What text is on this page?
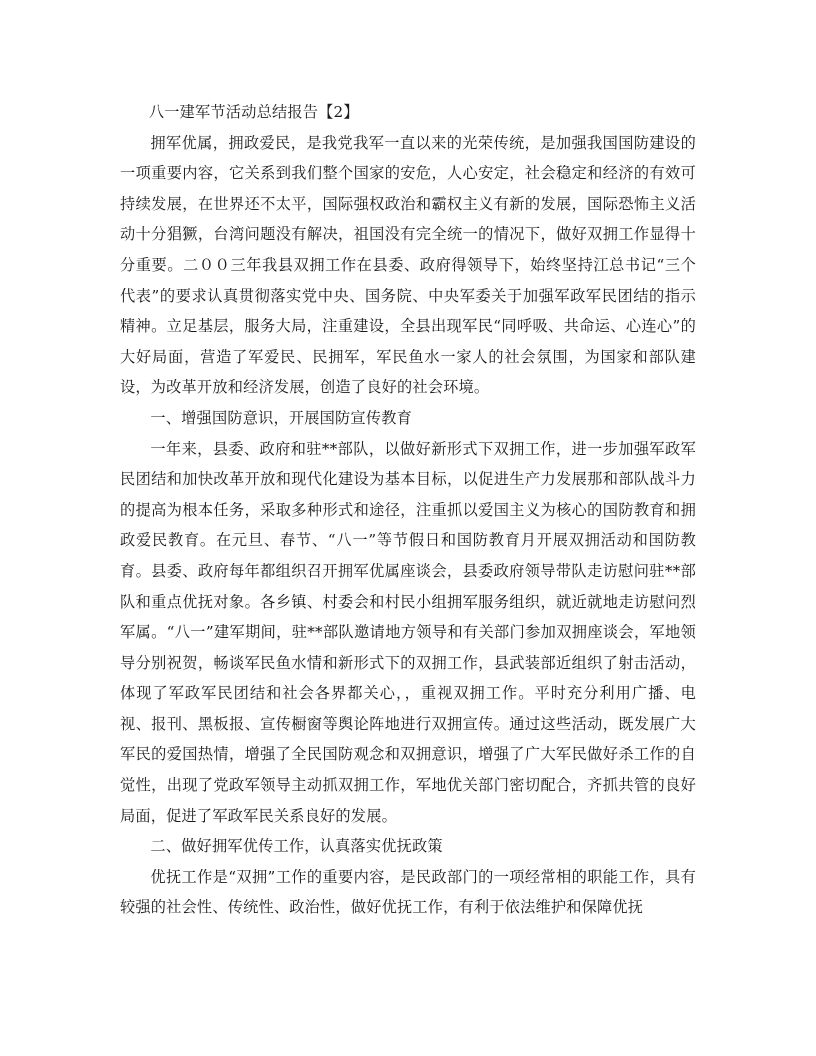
八一建军节活动总结报告【2】

拥军优属，拥政爱民，是我党我军一直以来的光荣传统，是加强我国国防建设的一项重要内容，它关系到我们整个国家的安危，人心安定，社会稳定和经济的有效可持续发展，在世界还不太平，国际强权政治和霸权主义有新的发展，国际恐怖主义活动十分猖獗，台湾问题没有解决，祖国没有完全统一的情况下，做好双拥工作显得十分重要。二００三年我县双拥工作在县委、政府得领导下，始终坚持江总书记“三个代表”的要求认真贯彻落实党中央、国务院、中央军委关于加强军政军民团结的指示精神。立足基层，服务大局，注重建设，全县出现军民“同呼吸、共命运、心连心”的大好局面，营造了军爱民、民拥军，军民鱼水一家人的社会氛围，为国家和部队建设，为改革开放和经济发展，创造了良好的社会环境。

一、增强国防意识，开展国防宣传教育

一年来，县委、政府和驻**部队，以做好新形式下双拥工作，进一步加强军政军民团结和加快改革开放和现代化建设为基本目标，以促进生产力发展那和部队战斗力的提高为根本任务，采取多种形式和途径，注重抓以爱国主义为核心的国防教育和拥政爱民教育。在元旦、春节、“八一”等节假日和国防教育月开展双拥活动和国防教育。县委、政府每年都组织召开拥军优属座谈会，县委政府领导带队走访慰问驻**部队和重点优抚对象。各乡镇、村委会和村民小组拥军服务组织，就近就地走访慰问烈军属。“八一”建军期间，驻**部队邀请地方领导和有关部门参加双拥座谈会，军地领导分别祝贺，畅谈军民鱼水情和新形式下的双拥工作，县武装部近组织了射击活动，体现了军政军民团结和社会各界都关心，，重视双拥工作。平时充分利用广播、电视、报刊、黑板报、宣传橱窗等舆论阵地进行双拥宣传。通过这些活动，既发展广大军民的爱国热情，增强了全民国防观念和双拥意识，增强了广大军民做好杀工作的自觉性，出现了党政军领导主动抓双拥工作，军地优关部门密切配合，齐抓共管的良好局面，促进了军政军民关系良好的发展。

二、做好拥军优传工作，认真落实优抚政策

优抚工作是“双拥”工作的重要内容，是民政部门的一项经常相的职能工作，具有较强的社会性、传统性、政治性，做好优抚工作，有利于依法维护和保障优抚
